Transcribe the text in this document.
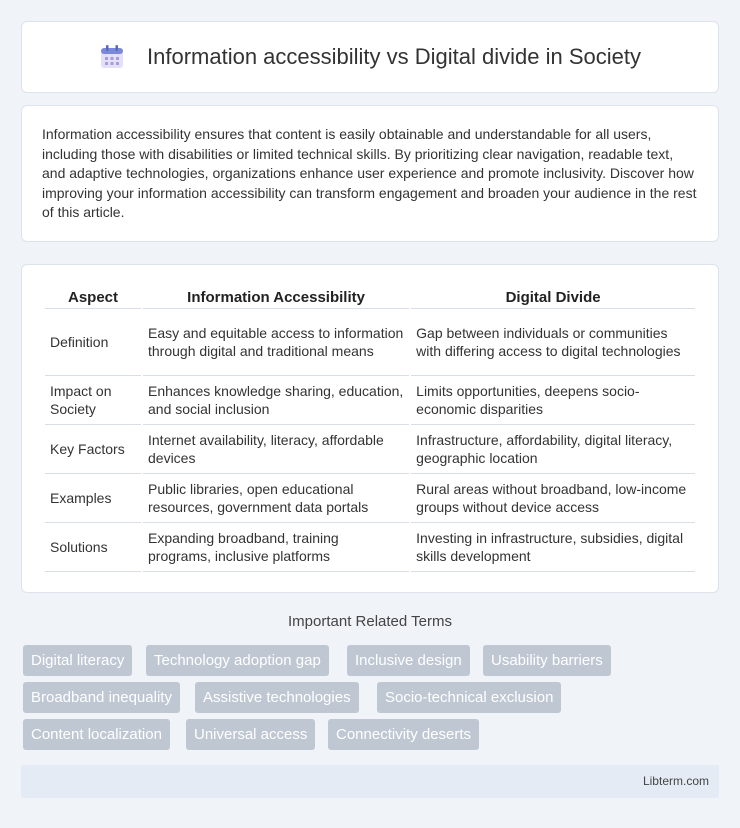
Information accessibility vs Digital divide in Society

Information accessibility ensures that content is easily obtainable and understandable for all users, including those with disabilities or limited technical skills. By prioritizing clear navigation, readable text, and adaptive technologies, organizations enhance user experience and promote inclusivity. Discover how improving your information accessibility can transform engagement and broaden your audience in the rest of this article.

Aspect	Information Accessibility	Digital Divide
Definition	Easy and equitable access to information through digital and traditional means	Gap between individuals or communities with differing access to digital technologies
Impact on Society	Enhances knowledge sharing, education, and social inclusion	Limits opportunities, deepens socio-economic disparities
Key Factors	Internet availability, literacy, affordable devices	Infrastructure, affordability, digital literacy, geographic location
Examples	Public libraries, open educational resources, government data portals	Rural areas without broadband, low-income groups without device access
Solutions	Expanding broadband, training programs, inclusive platforms	Investing in infrastructure, subsidies, digital skills development
Important Related Terms
Digital literacy	Technology adoption gap	Inclusive design	Usability barriers
Broadband inequality	Assistive technologies	Socio-technical exclusion
Content localization	Universal access	Connectivity deserts
Libterm.com
